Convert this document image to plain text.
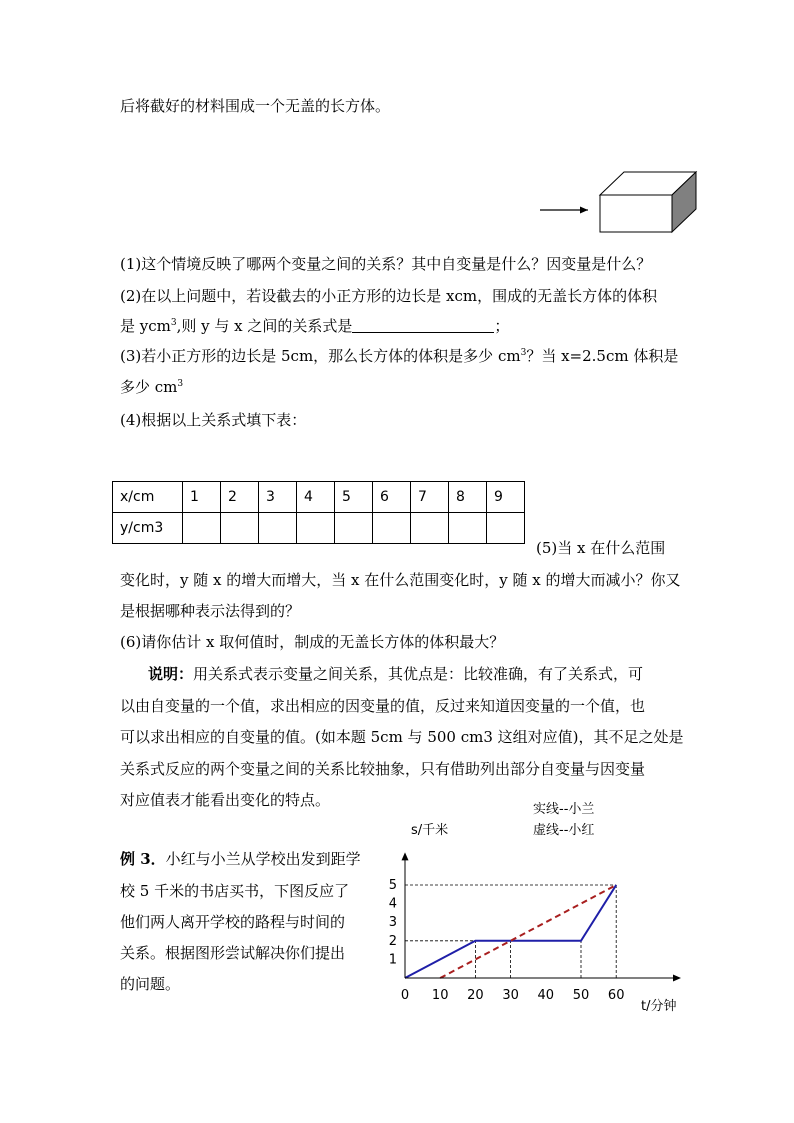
后将截好的材料围成一个无盖的长方体。
(1)这个情境反映了哪两个变量之间的关系？其中自变量是什么？因变量是什么？
(2)在以上问题中，若设截去的小正方形的边长是 xcm，围成的无盖长方体的体积
是 ycm$^3$,则 y 与 x 之间的关系式是	；
(3)若小正方形的边长是 5cm，那么长方体的体积是多少 $cm^3$？当 x=2.5cm 体积是
多少 $cm^3$
(4)根据以上关系式填下表：
x/cm	1	2	3	4	5	6	7	8	9
y/cm3									
(5)当 x 在什么范围
变化时，y 随 x 的增大而增大，当 x 在什么范围变化时，y 随 x 的增大而减小？你又
是根据哪种表示法得到的？
(6)请你估计 x 取何值时，制成的无盖长方体的体积最大？
说明：用关系式表示变量之间关系，其优点是：比较准确，有了关系式，可
以由自变量的一个值，求出相应的因变量的值，反过来知道因变量的一个值，也
可以求出相应的自变量的值。(如本题 5cm 与 500 cm3 这组对应值)，其不足之处是
关系式反应的两个变量之间的关系比较抽象，只有借助列出部分自变量与因变量
对应值表才能看出变化的特点。
例 3．小红与小兰从学校出发到距学
校 5 千米的书店买书，下图反应了
他们两人离开学校的路程与时间的
关系。根据图形尝试解决你们提出
的问题。
实线--小兰
虚线--小红
s/千米
t/分钟
0 10 20 30 40 50 60
1
2
3
4
5
